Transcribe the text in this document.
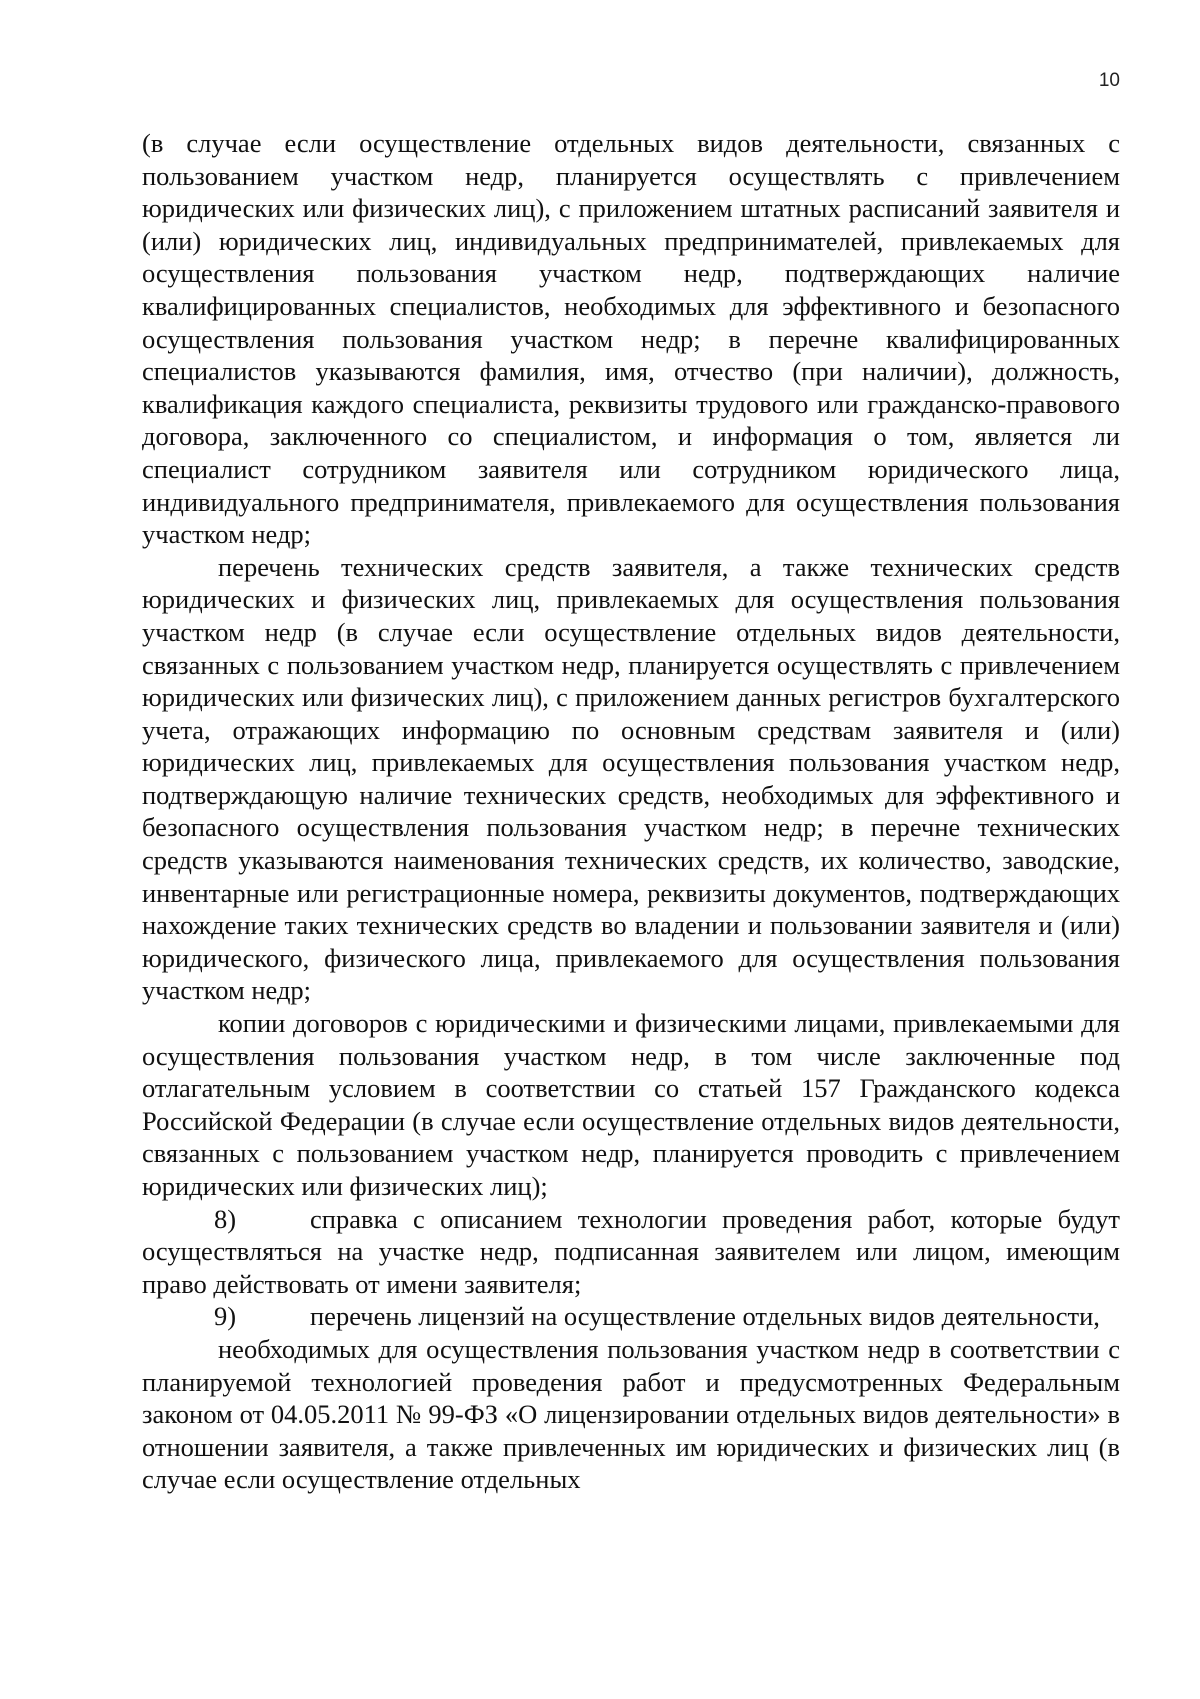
10

(в случае если осуществление отдельных видов деятельности, связанных с пользованием участком недр, планируется осуществлять с привлечением юридических или физических лиц), с приложением штатных расписаний заявителя и (или) юридических лиц, индивидуальных предпринимателей, привлекаемых для осуществления пользования участком недр, подтверждающих наличие квалифицированных специалистов, необходимых для эффективного и безопасного осуществления пользования участком недр; в перечне квалифицированных специалистов указываются фамилия, имя, отчество (при наличии), должность, квалификация каждого специалиста, реквизиты трудового или гражданско-правового договора, заключенного со специалистом, и информация о том, является ли специалист сотрудником заявителя или сотрудником юридического лица, индивидуального предпринимателя, привлекаемого для осуществления пользования участком недр;

перечень технических средств заявителя, а также технических средств юридических и физических лиц, привлекаемых для осуществления пользования участком недр (в случае если осуществление отдельных видов деятельности, связанных с пользованием участком недр, планируется осуществлять с привлечением юридических или физических лиц), с приложением данных регистров бухгалтерского учета, отражающих информацию по основным средствам заявителя и (или) юридических лиц, привлекаемых для осуществления пользования участком недр, подтверждающую наличие технических средств, необходимых для эффективного и безопасного осуществления пользования участком недр; в перечне технических средств указываются наименования технических средств, их количество, заводские, инвентарные или регистрационные номера, реквизиты документов, подтверждающих нахождение таких технических средств во владении и пользовании заявителя и (или) юридического, физического лица, привлекаемого для осуществления пользования участком недр;

копии договоров с юридическими и физическими лицами, привлекаемыми для осуществления пользования участком недр, в том числе заключенные под отлагательным условием в соответствии со статьей 157 Гражданского кодекса Российской Федерации (в случае если осуществление отдельных видов деятельности, связанных с пользованием участком недр, планируется проводить с привлечением юридических или физических лиц);

8)	справка с описанием технологии проведения работ, которые будут осуществляться на участке недр, подписанная заявителем или лицом, имеющим право действовать от имени заявителя;

9)	перечень лицензий на осуществление отдельных видов деятельности,

необходимых для осуществления пользования участком недр в соответствии с планируемой технологией проведения работ и предусмотренных Федеральным законом от 04.05.2011 № 99-ФЗ «О лицензировании отдельных видов деятельности» в отношении заявителя, а также привлеченных им юридических и физических лиц (в случае если осуществление отдельных
